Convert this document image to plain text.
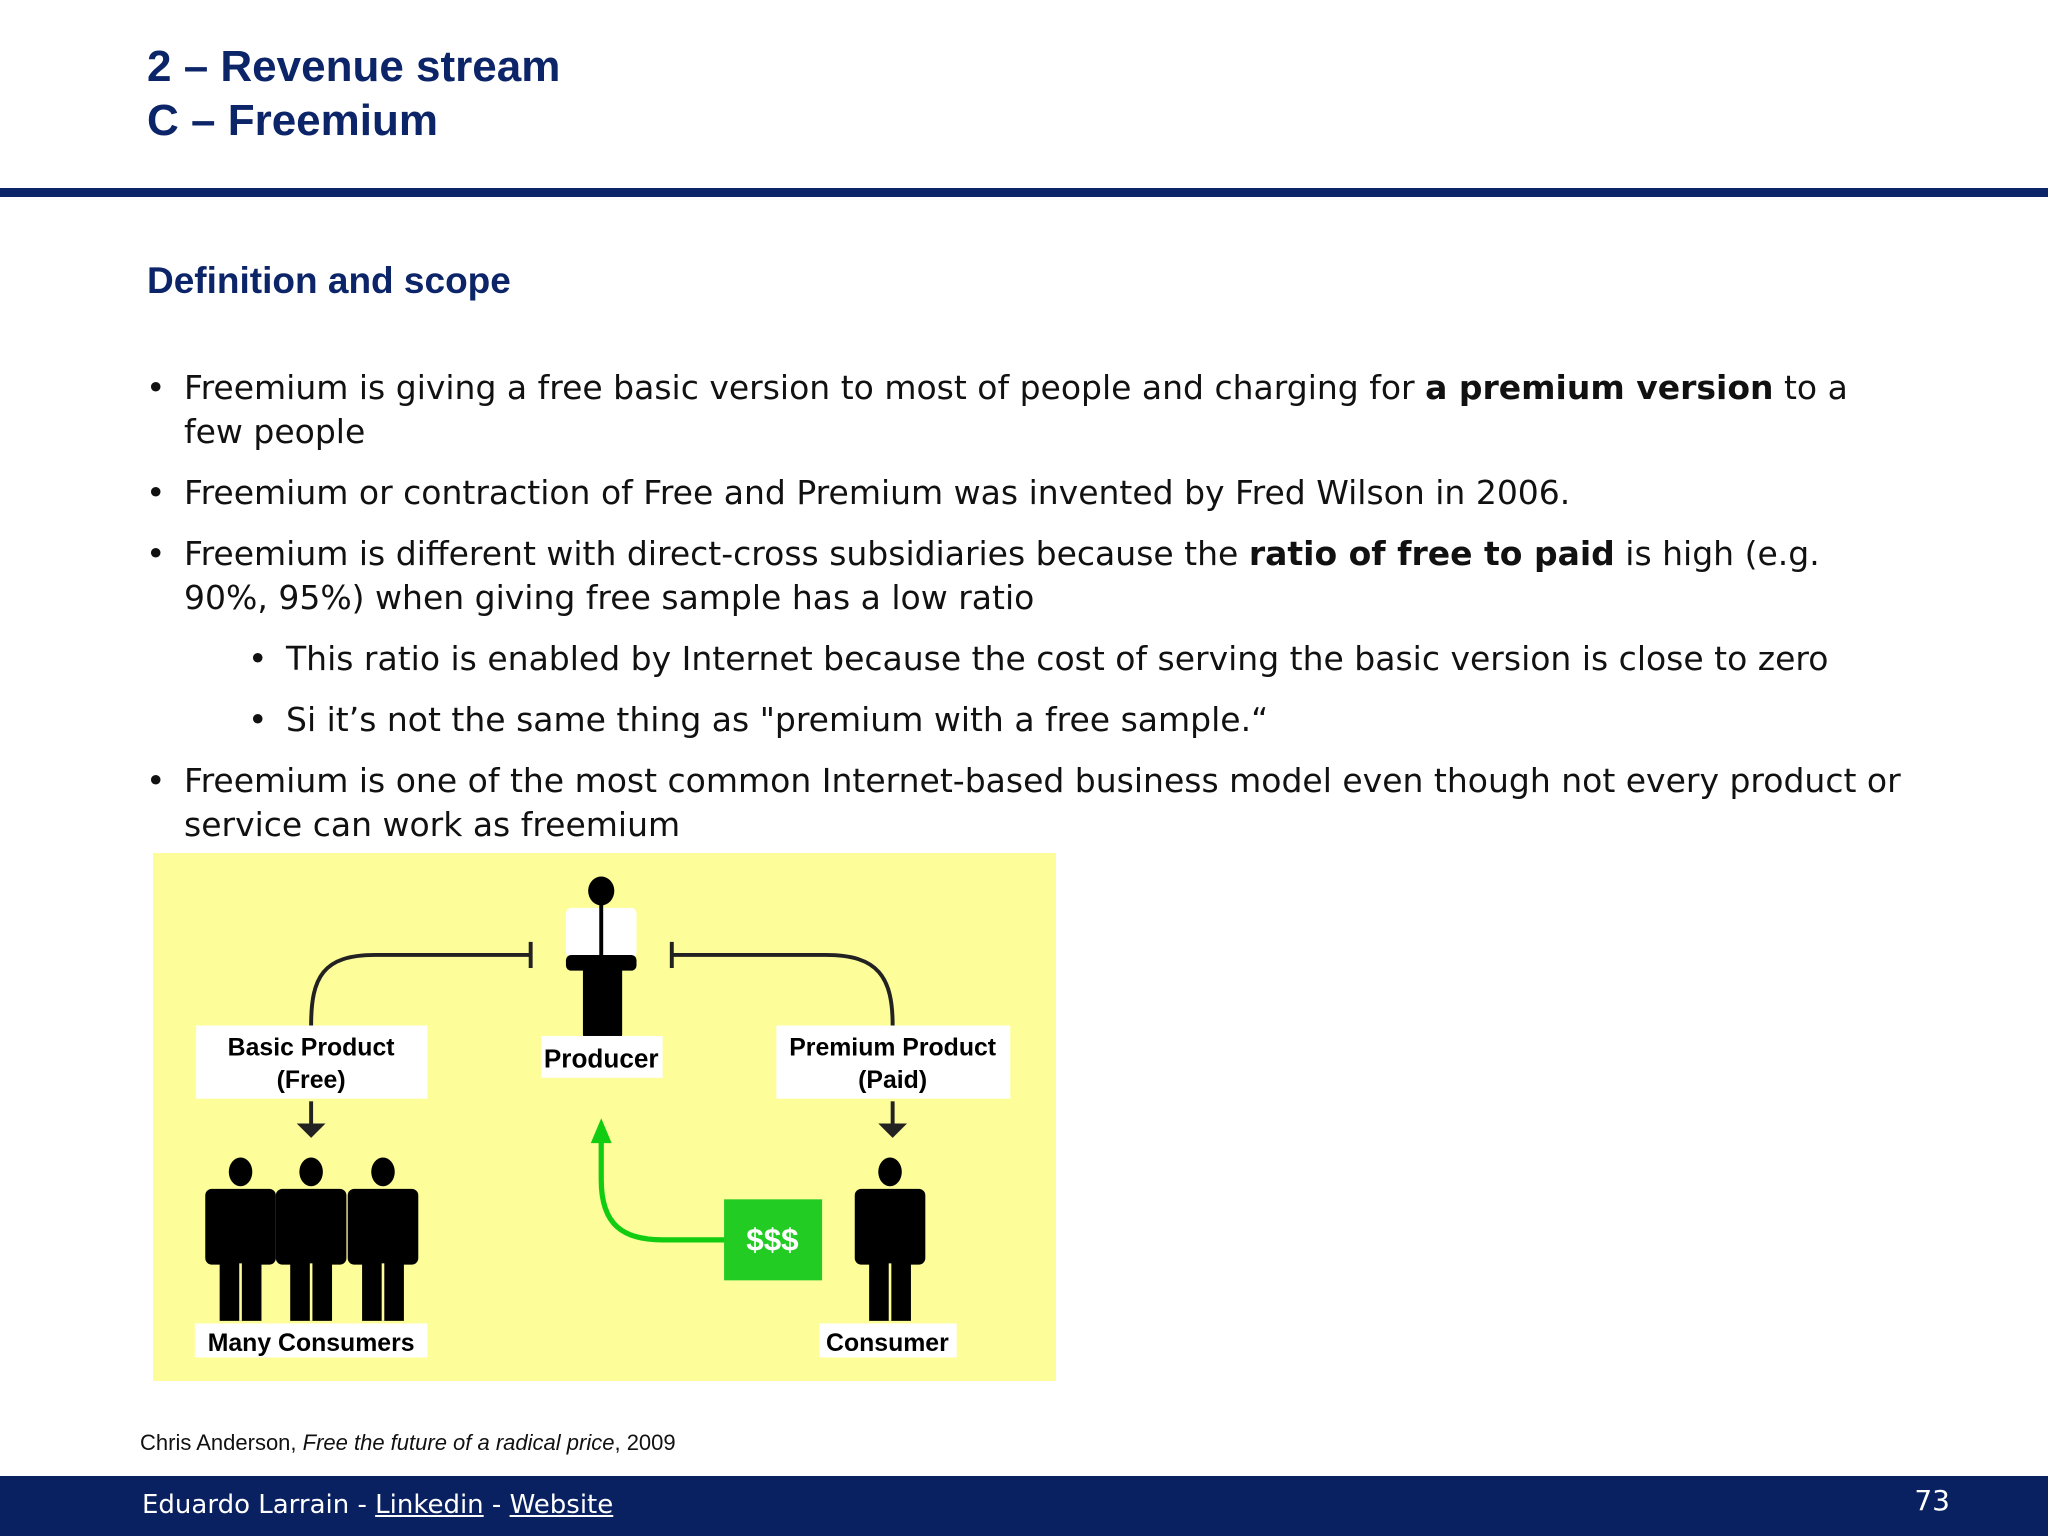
2 – Revenue stream
C – Freemium
Definition and scope
• Freemium is giving a free basic version to most of people and charging for a premium version to a few people
• Freemium or contraction of Free and Premium was invented by Fred Wilson in 2006.
• Freemium is different with direct-cross subsidiaries because the ratio of free to paid is high (e.g. 90%, 95%) when giving free sample has a low ratio
• This ratio is enabled by Internet because the cost of serving the basic version is close to zero
• Si it’s not the same thing as "premium with a free sample.“
• Freemium is one of the most common Internet-based business model even though not every product or service can work as freemium
Producer
Basic Product
(Free)
Premium Product
(Paid)
Many Consumers	Consumer
$$$
Chris Anderson, Free the future of a radical price, 2009
Eduardo Larrain - Linkedin - Website	73
